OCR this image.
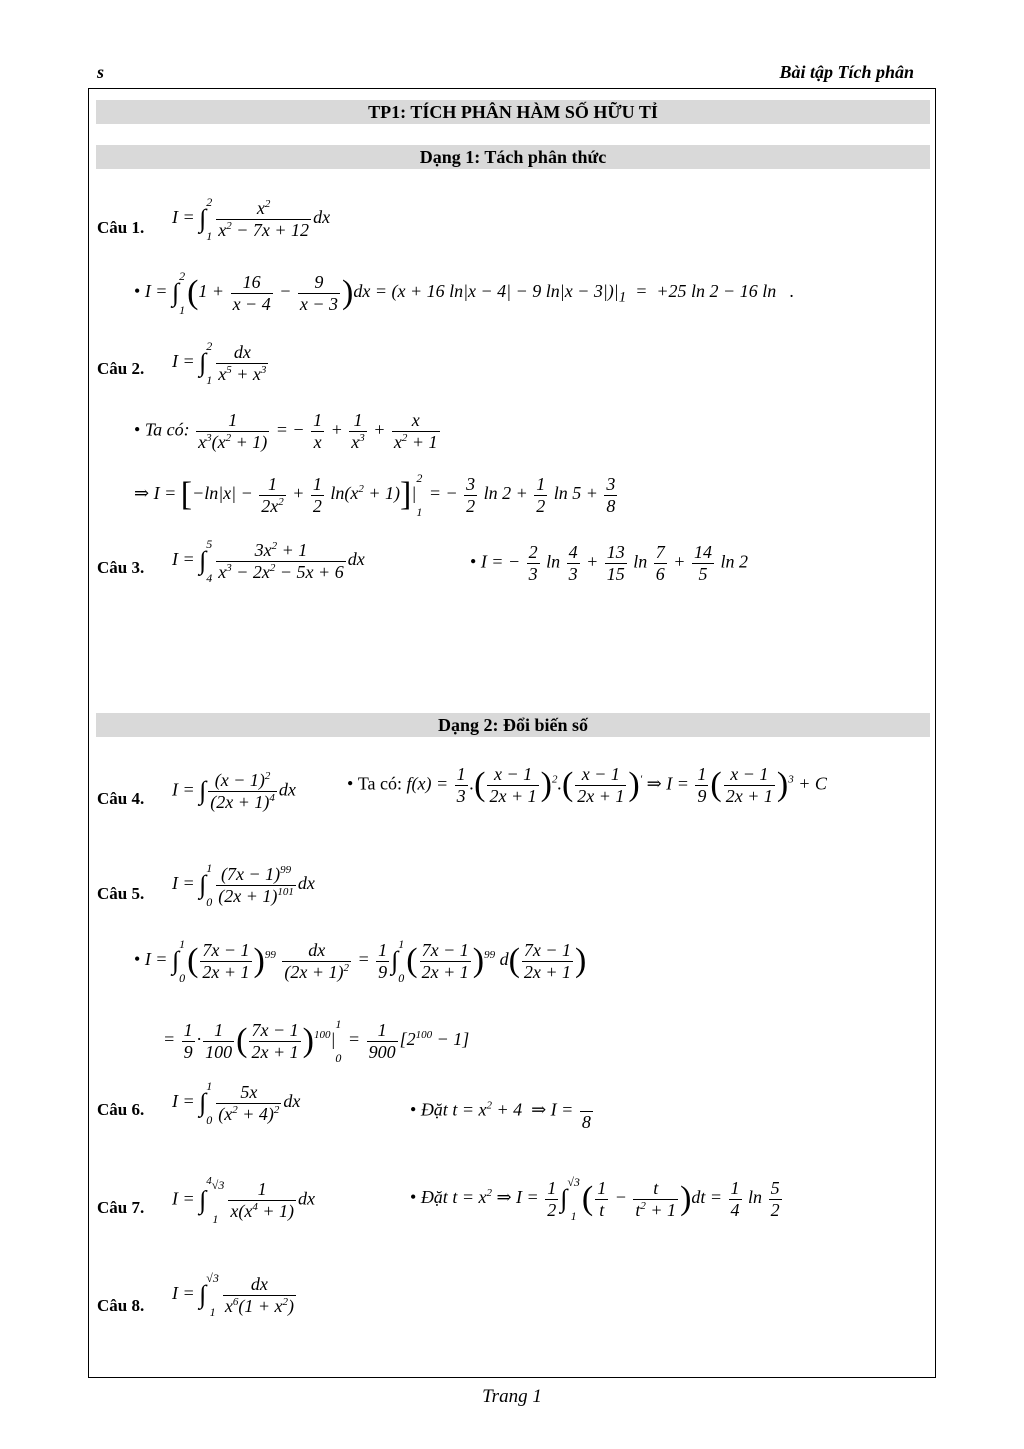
s	Bài tập Tích phân
TP1: TÍCH PHÂN HÀM SỐ HỮU TỈ
Dạng 1: Tách phân thức
Câu 1.
I = ∫
2
$1 \frac{x^2}{x^2 - 7x + 12}$ dx
• I = ∫
2
1 $(1 + \frac{16}{x - 4} - \frac{9}{x - 3} )dx = (x + 16$ ln|x − 4| − 9 $\ln|x - 3|)|_1 = +25$ ln 2 − 16 ln   .
Câu 2. I = ∫
2
$1 \frac{dx}{x^5 + x^3}$
• Ta có: $\frac{1}{x^3(x^2 + 1)}$ = − $\frac{1}{x} + \frac{1}{x^3} + \frac{x}{x^2 + 1}$
⇒ $I = [-\ln|x| - \frac{1}{2x^2} + \frac{1}{2} \ln(x^2 + 1)]|$
2
1
= − $\frac{3}{2}$ $\ln 2 + \frac{1}{2}$ $\ln 5 + \frac{3}{8}$
Câu 3. I = ∫
5
$4 \frac{3x^2 + 1}{x^3 - 2x^2 - 5x + 6}$ dx	• I = − $\frac{2}{3}$ $\ln \frac{4}{3} + \frac{13}{15}$ $\ln \frac{7}{6} + \frac{14}{5}$ ln 2
Dạng 2: Đổi biến số
Câu 4. I = ∫ $\frac{(x - 1)^2}{(2x + 1)^4}$ dx	• Ta có: $f(x) = \frac{1}{3}$ .( $\frac{x - 1}{2x + 1} )^2.( \frac{x - 1}{2x + 1} )'$ ⇒ $I = \frac{1}{9}$ ( $\frac{x - 1}{2x + 1} )^3 + C$
Câu 5.
I = ∫
1
$0 \frac{(7x - 1)^{99}}{(2x + 1)^{101}}$ dx
• I = ∫
1
0 ( $\frac{7x - 1}{2x + 1} )^{99} \frac{dx}{(2x + 1)^2} = \frac{1}{9}$ ∫
1
0 ( $\frac{7x - 1}{2x + 1} )^{99}$ $d( \frac{7x - 1}{2x + 1}$ )
= $\frac{1}{9} \cdot \frac{1}{100}$ ( $\frac{7x - 1}{2x + 1} )^{100}|$
1
0
= $\frac{1}{900} [2^{100} - 1]$
Câu 6. I = ∫
1
$0 \frac{5x}{(x^2 + 4)^2}$ dx	• Đặt $t = x^2 + 4$  ⇒ I =

8
Câu 7. I = ∫
$^4$√3
$1 \frac{1}{x(x^4 + 1)}$ dx	• Đặt $t = x^2$ ⇒ $I = \frac{1}{2}$ ∫
√3
1 ( $\frac{1}{t} - \frac{t}{t^2 + 1} )dt = \frac{1}{4}$ $\ln \frac{5}{2}$
Câu 8.
I = ∫
√3
$1 \frac{dx}{x^6(1 + x^2)}$
Trang 1
